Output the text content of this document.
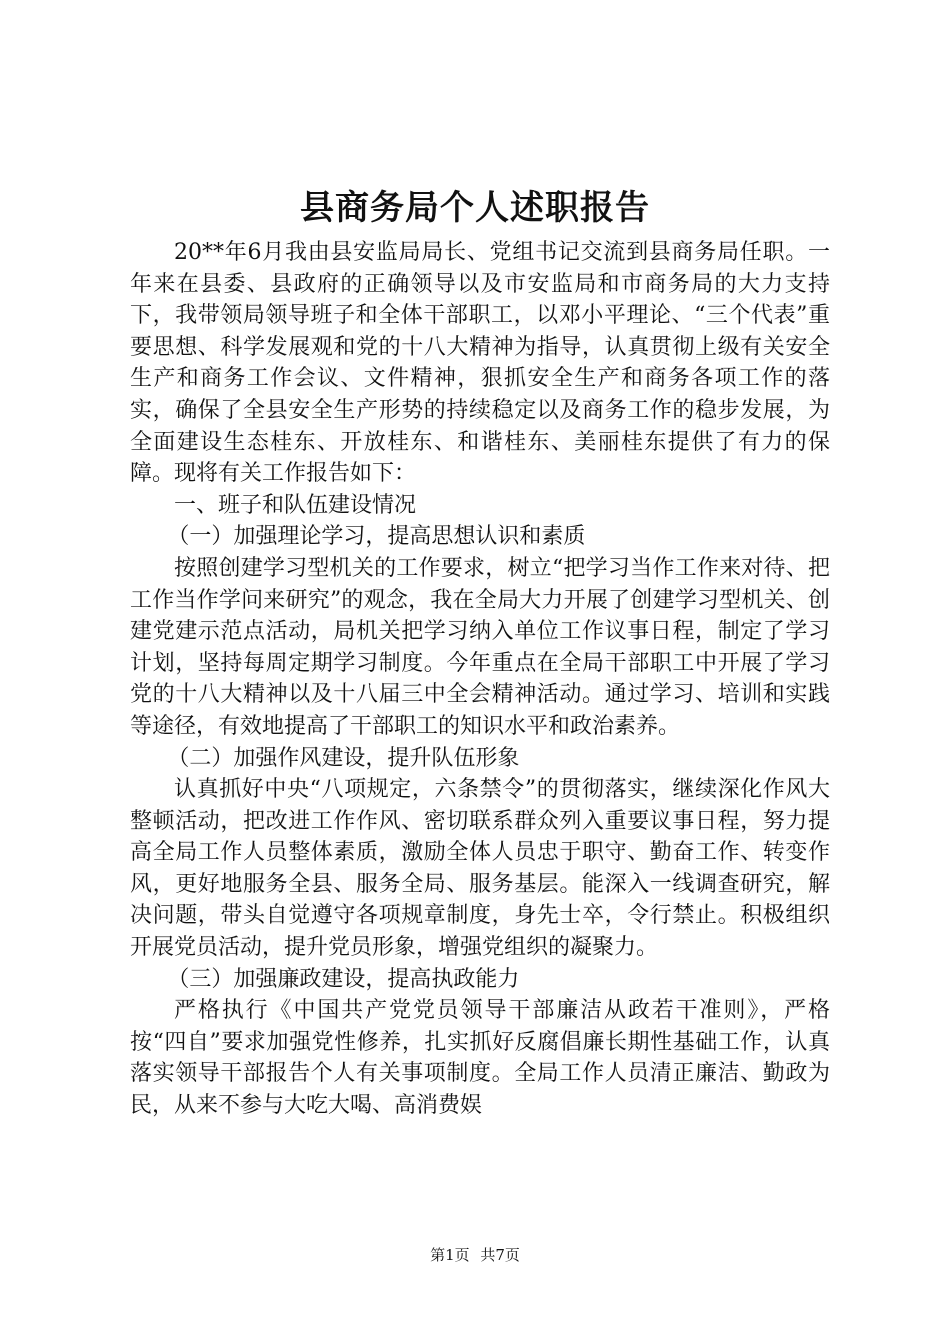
县商务局个人述职报告

20**年6月我由县安监局局长、党组书记交流到县商务局任职。一年来在县委、县政府的正确领导以及市安监局和市商务局的大力支持下，我带领局领导班子和全体干部职工，以邓小平理论、“三个代表”重要思想、科学发展观和党的十八大精神为指导，认真贯彻上级有关安全生产和商务工作会议、文件精神，狠抓安全生产和商务各项工作的落实，确保了全县安全生产形势的持续稳定以及商务工作的稳步发展，为全面建设生态桂东、开放桂东、和谐桂东、美丽桂东提供了有力的保障。现将有关工作报告如下：

一、班子和队伍建设情况

（一）加强理论学习，提高思想认识和素质

按照创建学习型机关的工作要求，树立“把学习当作工作来对待、把工作当作学问来研究”的观念，我在全局大力开展了创建学习型机关、创建党建示范点活动，局机关把学习纳入单位工作议事日程，制定了学习计划，坚持每周定期学习制度。今年重点在全局干部职工中开展了学习党的十八大精神以及十八届三中全会精神活动。通过学习、培训和实践等途径，有效地提高了干部职工的知识水平和政治素养。

（二）加强作风建设，提升队伍形象

认真抓好中央“八项规定，六条禁令”的贯彻落实，继续深化作风大整顿活动，把改进工作作风、密切联系群众列入重要议事日程，努力提高全局工作人员整体素质，激励全体人员忠于职守、勤奋工作、转变作风，更好地服务全县、服务全局、服务基层。能深入一线调查研究，解决问题，带头自觉遵守各项规章制度，身先士卒，令行禁止。积极组织开展党员活动，提升党员形象，增强党组织的凝聚力。

（三）加强廉政建设，提高执政能力

严格执行《中国共产党党员领导干部廉洁从政若干准则》，严格按“四自”要求加强党性修养，扎实抓好反腐倡廉长期性基础工作，认真落实领导干部报告个人有关事项制度。全局工作人员清正廉洁、勤政为民，从来不参与大吃大喝、高消费娱

第1页 共7页
